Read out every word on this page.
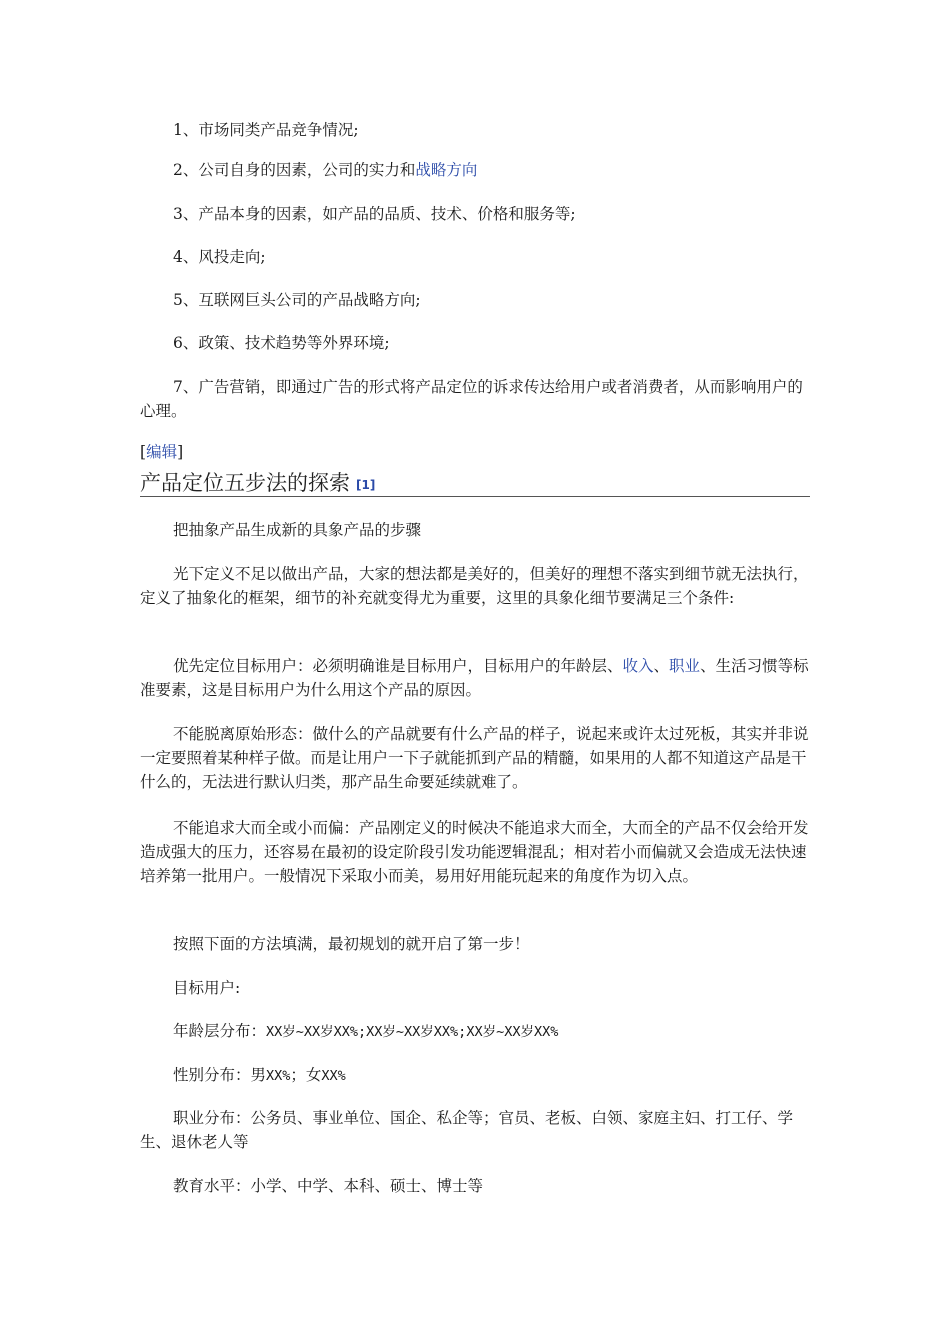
1、市场同类产品竞争情况;

2、公司自身的因素，公司的实力和战略方向

3、产品本身的因素，如产品的品质、技术、价格和服务等;

4、风投走向;

5、互联网巨头公司的产品战略方向;

6、政策、技术趋势等外界环境;

7、广告营销，即通过广告的形式将产品定位的诉求传达给用户或者消费者，从而影响用户的心理。

[编辑]
产品定位五步法的探索 [1]

把抽象产品生成新的具象产品的步骤

光下定义不足以做出产品，大家的想法都是美好的，但美好的理想不落实到细节就无法执行，定义了抽象化的框架，细节的补充就变得尤为重要，这里的具象化细节要满足三个条件:

优先定位目标用户：必须明确谁是目标用户，目标用户的年龄层、收入、职业、生活习惯等标准要素，这是目标用户为什么用这个产品的原因。

不能脱离原始形态：做什么的产品就要有什么产品的样子，说起来或许太过死板，其实并非说一定要照着某种样子做。而是让用户一下子就能抓到产品的精髓，如果用的人都不知道这产品是干什么的，无法进行默认归类，那产品生命要延续就难了。

不能追求大而全或小而偏：产品刚定义的时候决不能追求大而全，大而全的产品不仅会给开发造成强大的压力，还容易在最初的设定阶段引发功能逻辑混乱；相对若小而偏就又会造成无法快速培养第一批用户。一般情况下采取小而美，易用好用能玩起来的角度作为切入点。

按照下面的方法填满，最初规划的就开启了第一步！

目标用户:

年龄层分布：XX岁~XX岁XX%;XX岁~XX岁XX%;XX岁~XX岁XX%

性别分布：男XX%；女XX%

职业分布：公务员、事业单位、国企、私企等；官员、老板、白领、家庭主妇、打工仔、学生、退休老人等

教育水平：小学、中学、本科、硕士、博士等
